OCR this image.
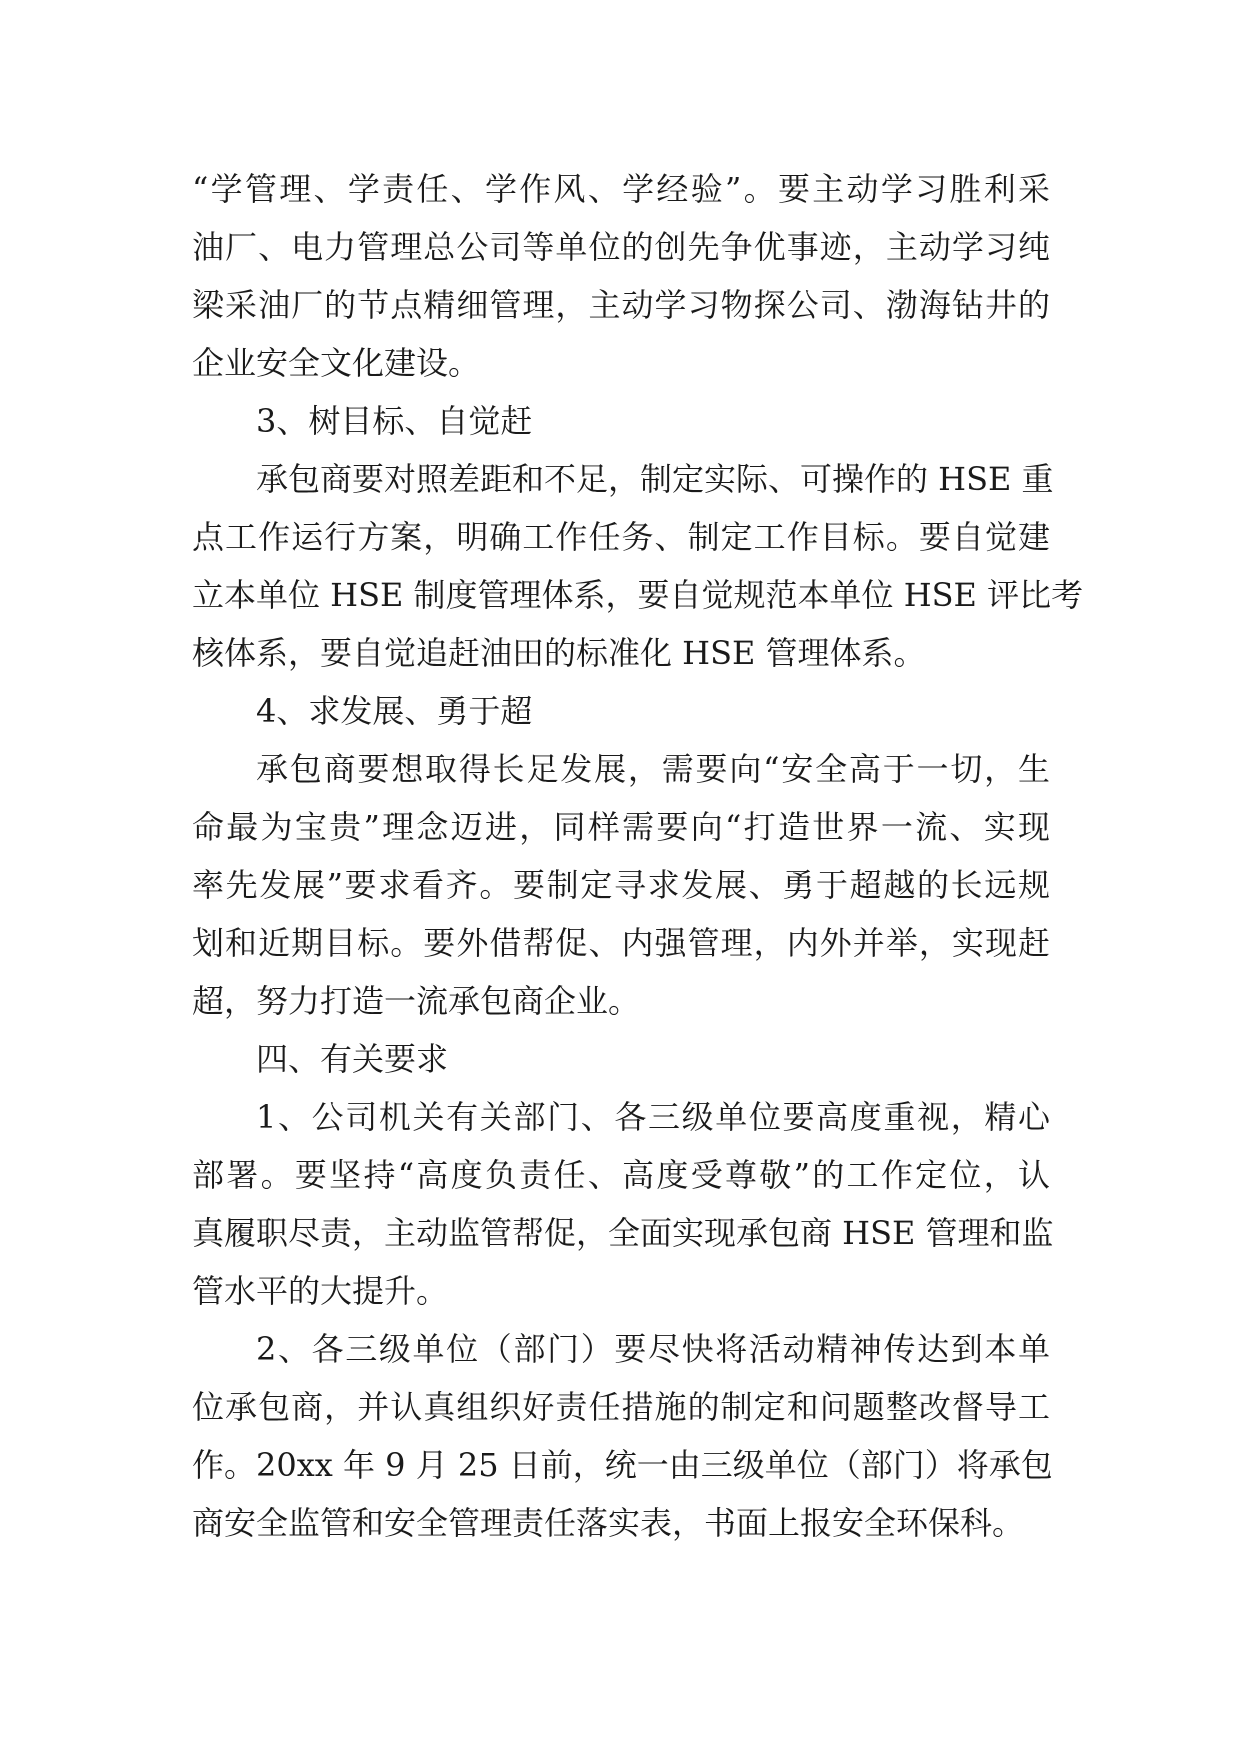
“学管理、学责任、学作风、学经验”。要主动学习胜利采
油厂、电力管理总公司等单位的创先争优事迹，主动学习纯
梁采油厂的节点精细管理，主动学习物探公司、渤海钻井的
企业安全文化建设。
3、树目标、自觉赶
承包商要对照差距和不足，制定实际、可操作的 HSE 重
点工作运行方案，明确工作任务、制定工作目标。要自觉建
立本单位 HSE 制度管理体系，要自觉规范本单位 HSE 评比考
核体系，要自觉追赶油田的标准化 HSE 管理体系。
4、求发展、勇于超
承包商要想取得长足发展，需要向“安全高于一切，生
命最为宝贵”理念迈进，同样需要向“打造世界一流、实现
率先发展”要求看齐。要制定寻求发展、勇于超越的长远规
划和近期目标。要外借帮促、内强管理，内外并举，实现赶
超，努力打造一流承包商企业。
四、有关要求
1、公司机关有关部门、各三级单位要高度重视，精心
部署。要坚持“高度负责任、高度受尊敬”的工作定位，认
真履职尽责，主动监管帮促，全面实现承包商 HSE 管理和监
管水平的大提升。
2、各三级单位（部门）要尽快将活动精神传达到本单
位承包商，并认真组织好责任措施的制定和问题整改督导工
作。20xx 年 9 月 25 日前，统一由三级单位（部门）将承包
商安全监管和安全管理责任落实表，书面上报安全环保科。
